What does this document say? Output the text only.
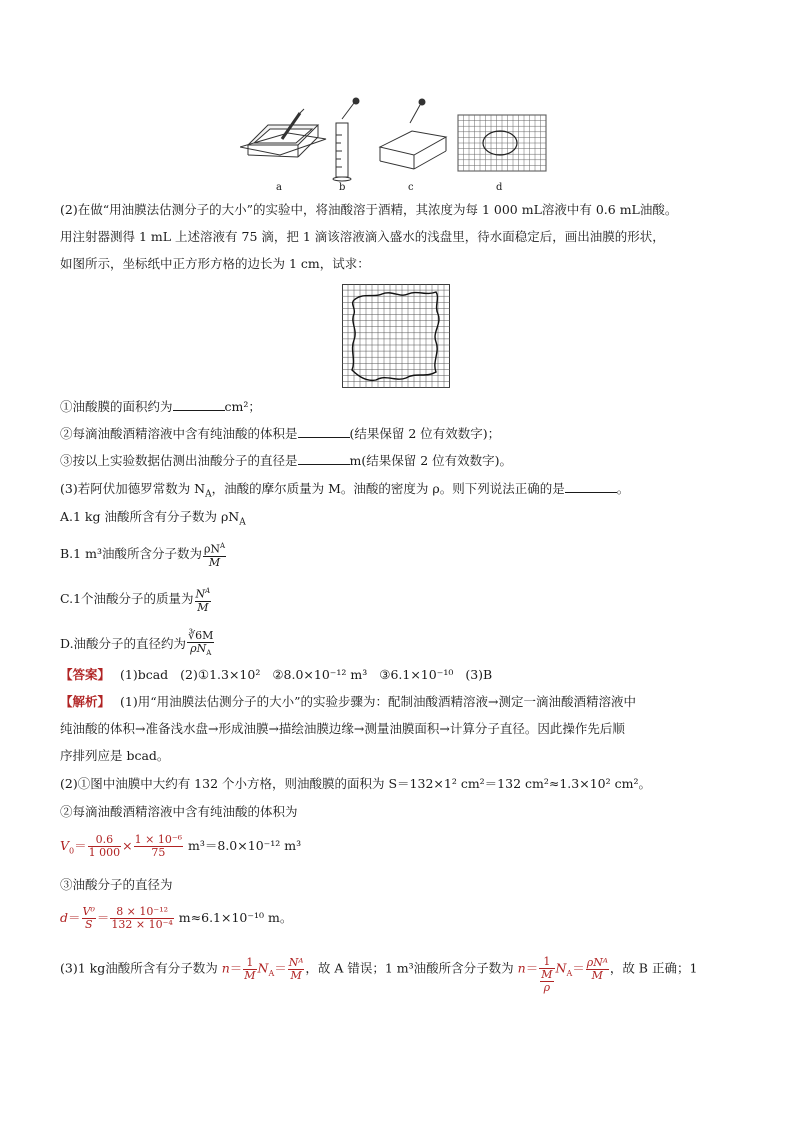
a	b	c	d
(2)在做“用油膜法估测分子的大小”的实验中，将油酸溶于酒精，其浓度为每 1 000 mL溶液中有 0.6 mL油酸。
用注射器测得 1 mL 上述溶液有 75 滴，把 1 滴该溶液滴入盛水的浅盘里，待水面稳定后，画出油膜的形状，
如图所示，坐标纸中正方形方格的边长为 1 cm，试求：
①油酸膜的面积约为	cm²；
②每滴油酸酒精溶液中含有纯油酸的体积是	(结果保留 2 位有效数字)；
③按以上实验数据估测出油酸分子的直径是	m(结果保留 2 位有效数字)。
(3)若阿伏加德罗常数为 $N_A$，油酸的摩尔质量为 M。油酸的密度为 ρ。则下列说法正确的是	。
A.1 kg 油酸所含有分子数为 $\rho N_A$
B.1 m³油酸所含分子数为 $\frac{\rho N^A}{M}$
C.1个油酸分子的质量为 $\frac{N^A}{M}$
D.油酸分子的直径约为 $\frac{∛6M}{\rho N_A}$
【答案】 (1)bcad (2)①1.3×10² ②8.0×10⁻¹² m³ ③6.1×10⁻¹⁰ (3)B
【解析】 (1)用“用油膜法估测分子的大小”的实验步骤为：配制油酸酒精溶液→测定一滴油酸酒精溶液中
纯油酸的体积→准备浅水盘→形成油膜→描绘油膜边缘→测量油膜面积→计算分子直径。因此操作先后顺
序排列应是 bcad。
(2)①图中油膜中大约有 132 个小方格，则油酸膜的面积为 S＝132×1² cm²＝132 cm²≈1.3×10² cm²。
②每滴油酸酒精溶液中含有纯油酸的体积为
$V_0= \frac{0.6}{1 000} \times \frac{\text{1 × 10⁻⁶}}{75} m^3=8.0\times 10^{-12}$ m³
③油酸分子的直径为
$d= \frac{\text{V⁰}}{S} = \frac{\text{8 × 10⁻¹²}}{\text{132 × 10⁻⁴}} m\approx 6.1\times 10^{-10}$ m。
(3)1 kg油酸所含有分子数为 $n= \frac{1}{M} N_A= \frac{\text{Nᴬ}}{M}$ ，故 A 错误；1 m³油酸所含分子数为 $n= \frac{1}{\frac{M}{\rho}} N_A= \frac{\text{ρNᴬ}}{M}$ ，故 B 正确；1
